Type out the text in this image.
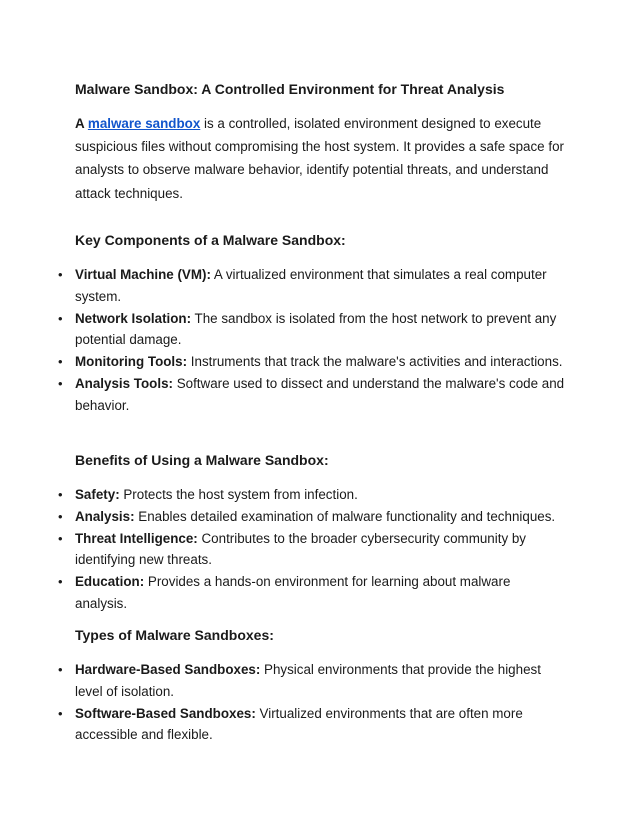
Malware Sandbox: A Controlled Environment for Threat Analysis

A malware sandbox is a controlled, isolated environment designed to execute suspicious files without compromising the host system. It provides a safe space for analysts to observe malware behavior, identify potential threats, and understand attack techniques.

Key Components of a Malware Sandbox:
• Virtual Machine (VM): A virtualized environment that simulates a real computer system.
• Network Isolation: The sandbox is isolated from the host network to prevent any potential damage.
• Monitoring Tools: Instruments that track the malware's activities and interactions.
• Analysis Tools: Software used to dissect and understand the malware's code and behavior.
Benefits of Using a Malware Sandbox:
• Safety: Protects the host system from infection.
• Analysis: Enables detailed examination of malware functionality and techniques.
• Threat Intelligence: Contributes to the broader cybersecurity community by identifying new threats.
• Education: Provides a hands-on environment for learning about malware analysis.
Types of Malware Sandboxes:
• Hardware-Based Sandboxes: Physical environments that provide the highest level of isolation.
• Software-Based Sandboxes: Virtualized environments that are often more accessible and flexible.
